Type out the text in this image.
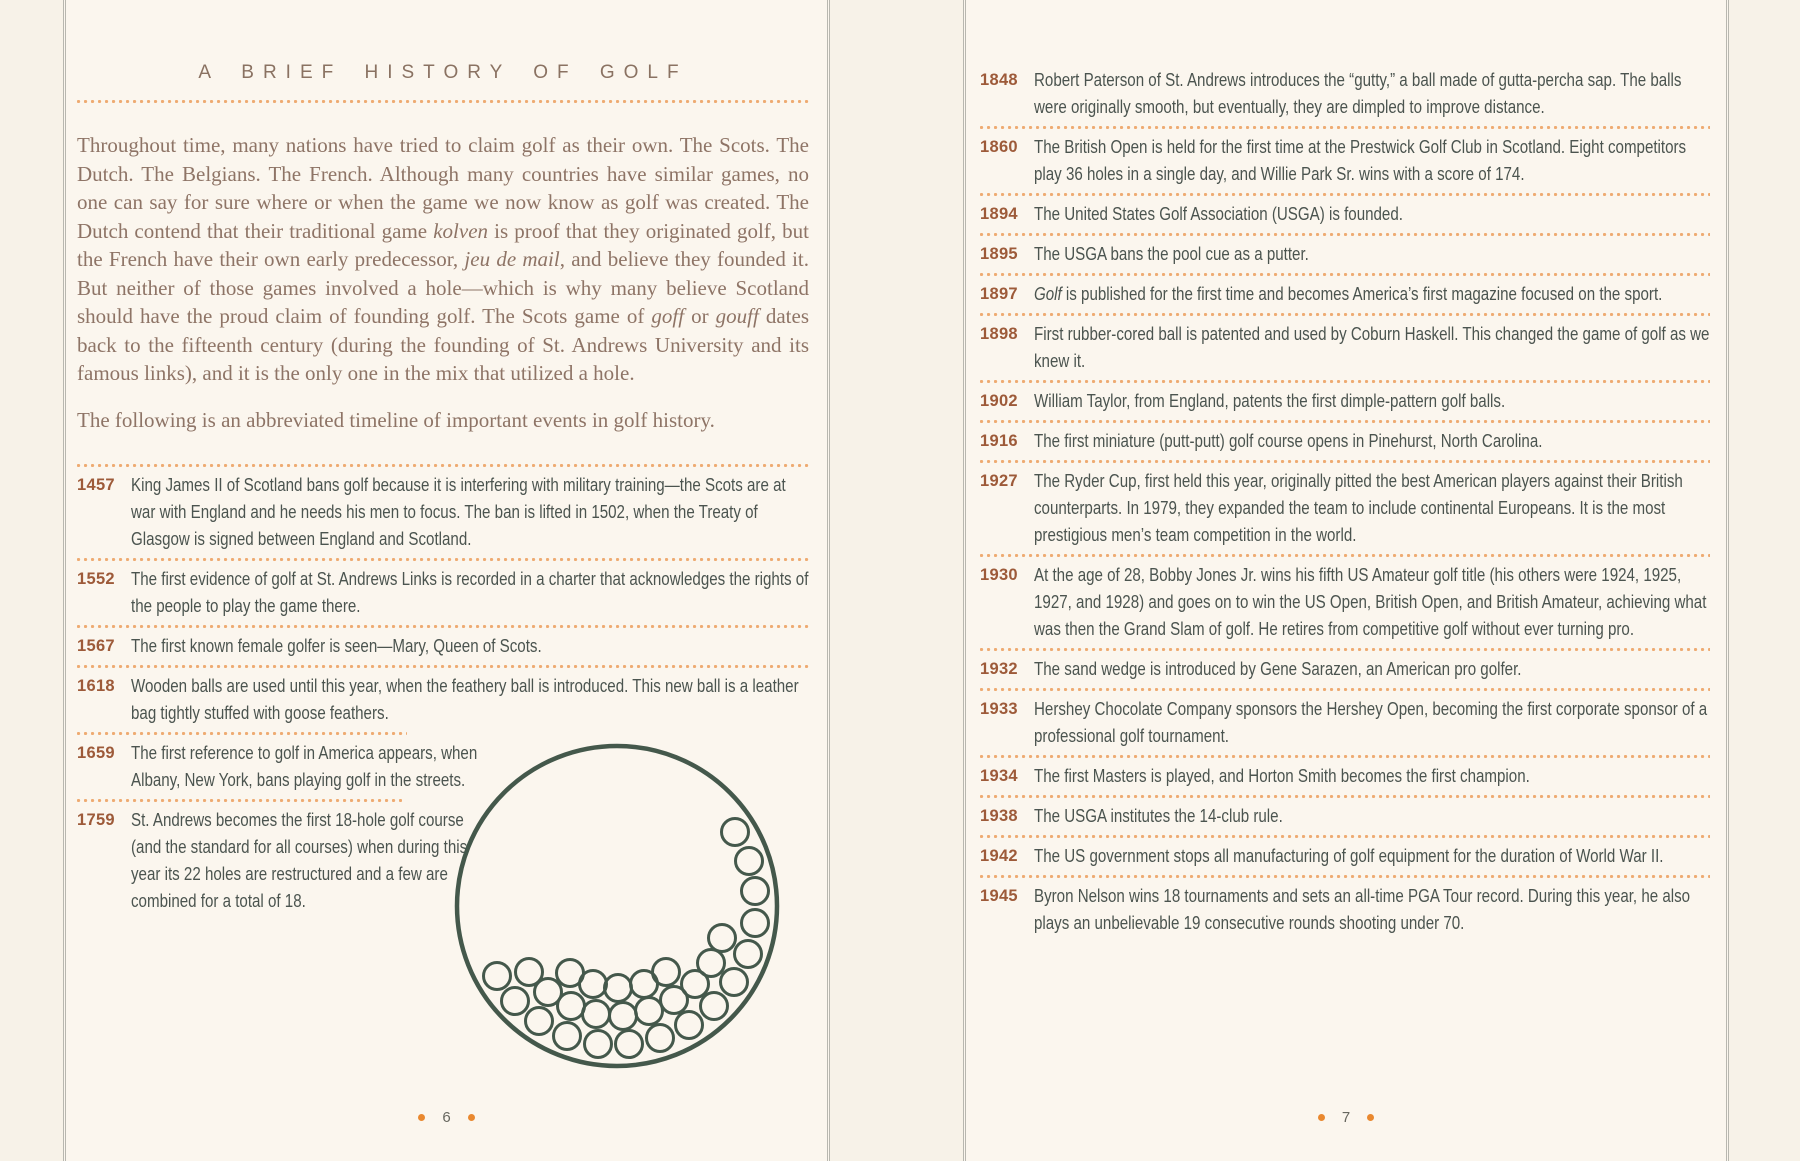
A BRIEF HISTORY OF GOLF

Throughout time, many nations have tried to claim golf as their own. The Scots. The Dutch. The Belgians. The French. Although many countries have similar games, no one can say for sure where or when the game we now know as golf was created. The Dutch contend that their traditional game kolven is proof that they originated golf, but the French have their own early predecessor, jeu de mail, and believe they founded it. But neither of those games involved a hole—which is why many believe Scotland should have the proud claim of founding golf. The Scots game of goff or gouff dates back to the fifteenth century (during the founding of St. Andrews University and its famous links), and it is the only one in the mix that utilized a hole.

The following is an abbreviated timeline of important events in golf history.

1457 King James II of Scotland bans golf because it is interfering with military training—the Scots are at war with England and he needs his men to focus. The ban is lifted in 1502, when the Treaty of Glasgow is signed between England and Scotland.
1552 The first evidence of golf at St. Andrews Links is recorded in a charter that acknowledges the rights of the people to play the game there.
1567 The first known female golfer is seen—Mary, Queen of Scots.
1618 Wooden balls are used until this year, when the feathery ball is introduced. This new ball is a leather bag tightly stuffed with goose feathers.
1659 The first reference to golf in America appears, when Albany, New York, bans playing golf in the streets.
1759 St. Andrews becomes the first 18-hole golf course (and the standard for all courses) when during this year its 22 holes are restructured and a few are combined for a total of 18.
6
1848 Robert Paterson of St. Andrews introduces the “gutty,” a ball made of gutta-percha sap. The balls were originally smooth, but eventually, they are dimpled to improve distance.
1860 The British Open is held for the first time at the Prestwick Golf Club in Scotland. Eight competitors play 36 holes in a single day, and Willie Park Sr. wins with a score of 174.
1894 The United States Golf Association (USGA) is founded.
1895 The USGA bans the pool cue as a putter.
1897 Golf is published for the first time and becomes America’s first magazine focused on the sport.
1898 First rubber-cored ball is patented and used by Coburn Haskell. This changed the game of golf as we knew it.
1902 William Taylor, from England, patents the first dimple-pattern golf balls.
1916 The first miniature (putt-putt) golf course opens in Pinehurst, North Carolina.
1927 The Ryder Cup, first held this year, originally pitted the best American players against their British counterparts. In 1979, they expanded the team to include continental Europeans. It is the most prestigious men’s team competition in the world.
1930 At the age of 28, Bobby Jones Jr. wins his fifth US Amateur golf title (his others were 1924, 1925, 1927, and 1928) and goes on to win the US Open, British Open, and British Amateur, achieving what was then the Grand Slam of golf. He retires from competitive golf without ever turning pro.
1932 The sand wedge is introduced by Gene Sarazen, an American pro golfer.
1933 Hershey Chocolate Company sponsors the Hershey Open, becoming the first corporate sponsor of a professional golf tournament.
1934 The first Masters is played, and Horton Smith becomes the first champion.
1938 The USGA institutes the 14-club rule.
1942 The US government stops all manufacturing of golf equipment for the duration of World War II.
1945 Byron Nelson wins 18 tournaments and sets an all-time PGA Tour record. During this year, he also plays an unbelievable 19 consecutive rounds shooting under 70.
7
